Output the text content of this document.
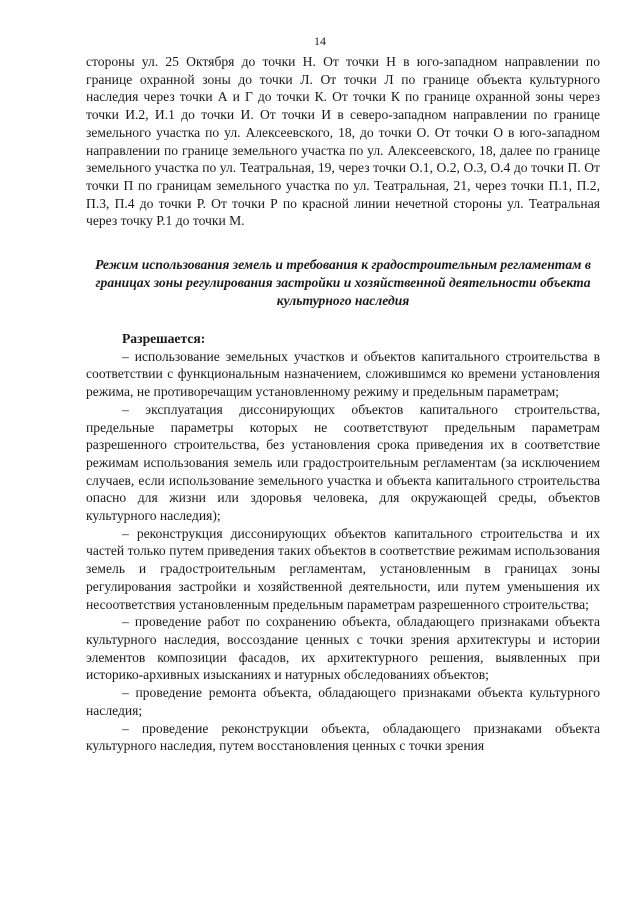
14

стороны ул. 25 Октября до точки Н. От точки Н в юго-западном направлении по границе охранной зоны до точки Л. От точки Л по границе объекта культурного наследия через точки А и Г до точки К. От точки К по границе охранной зоны через точки И.2, И.1 до точки И. От точки И в северо-западном направлении по границе земельного участка по ул. Алексеевского, 18, до точки О. От точки О в юго-западном направлении по границе земельного участка по ул. Алексеевского, 18, далее по границе земельного участка по ул. Театральная, 19, через точки О.1, О.2, О.3, О.4 до точки П. От точки П по границам земельного участка по ул. Театральная, 21, через точки П.1, П.2, П.3, П.4 до точки Р. От точки Р по красной линии нечетной стороны ул. Театральная через точку Р.1 до точки М.

Режим использования земель и требования к градостроительным регламентам в границах зоны регулирования застройки и хозяйственной деятельности объекта культурного наследия

Разрешается:

– использование земельных участков и объектов капитального строительства в соответствии с функциональным назначением, сложившимся ко времени установления режима, не противоречащим установленному режиму и предельным параметрам;

– эксплуатация диссонирующих объектов капитального строительства, предельные параметры которых не соответствуют предельным параметрам разрешенного строительства, без установления срока приведения их в соответствие режимам использования земель или градостроительным регламентам (за исключением случаев, если использование земельного участка и объекта капитального строительства опасно для жизни или здоровья человека, для окружающей среды, объектов культурного наследия);

– реконструкция диссонирующих объектов капитального строительства и их частей только путем приведения таких объектов в соответствие режимам использования земель и градостроительным регламентам, установленным в границах зоны регулирования застройки и хозяйственной деятельности, или путем уменьшения их несоответствия установленным предельным параметрам разрешенного строительства;

– проведение работ по сохранению объекта, обладающего признаками объекта культурного наследия, воссоздание ценных с точки зрения архитектуры и истории элементов композиции фасадов, их архитектурного решения, выявленных при историко-архивных изысканиях и натурных обследованиях объектов;

– проведение ремонта объекта, обладающего признаками объекта культурного наследия;

– проведение реконструкции объекта, обладающего признаками объекта культурного наследия, путем восстановления ценных с точки зрения
